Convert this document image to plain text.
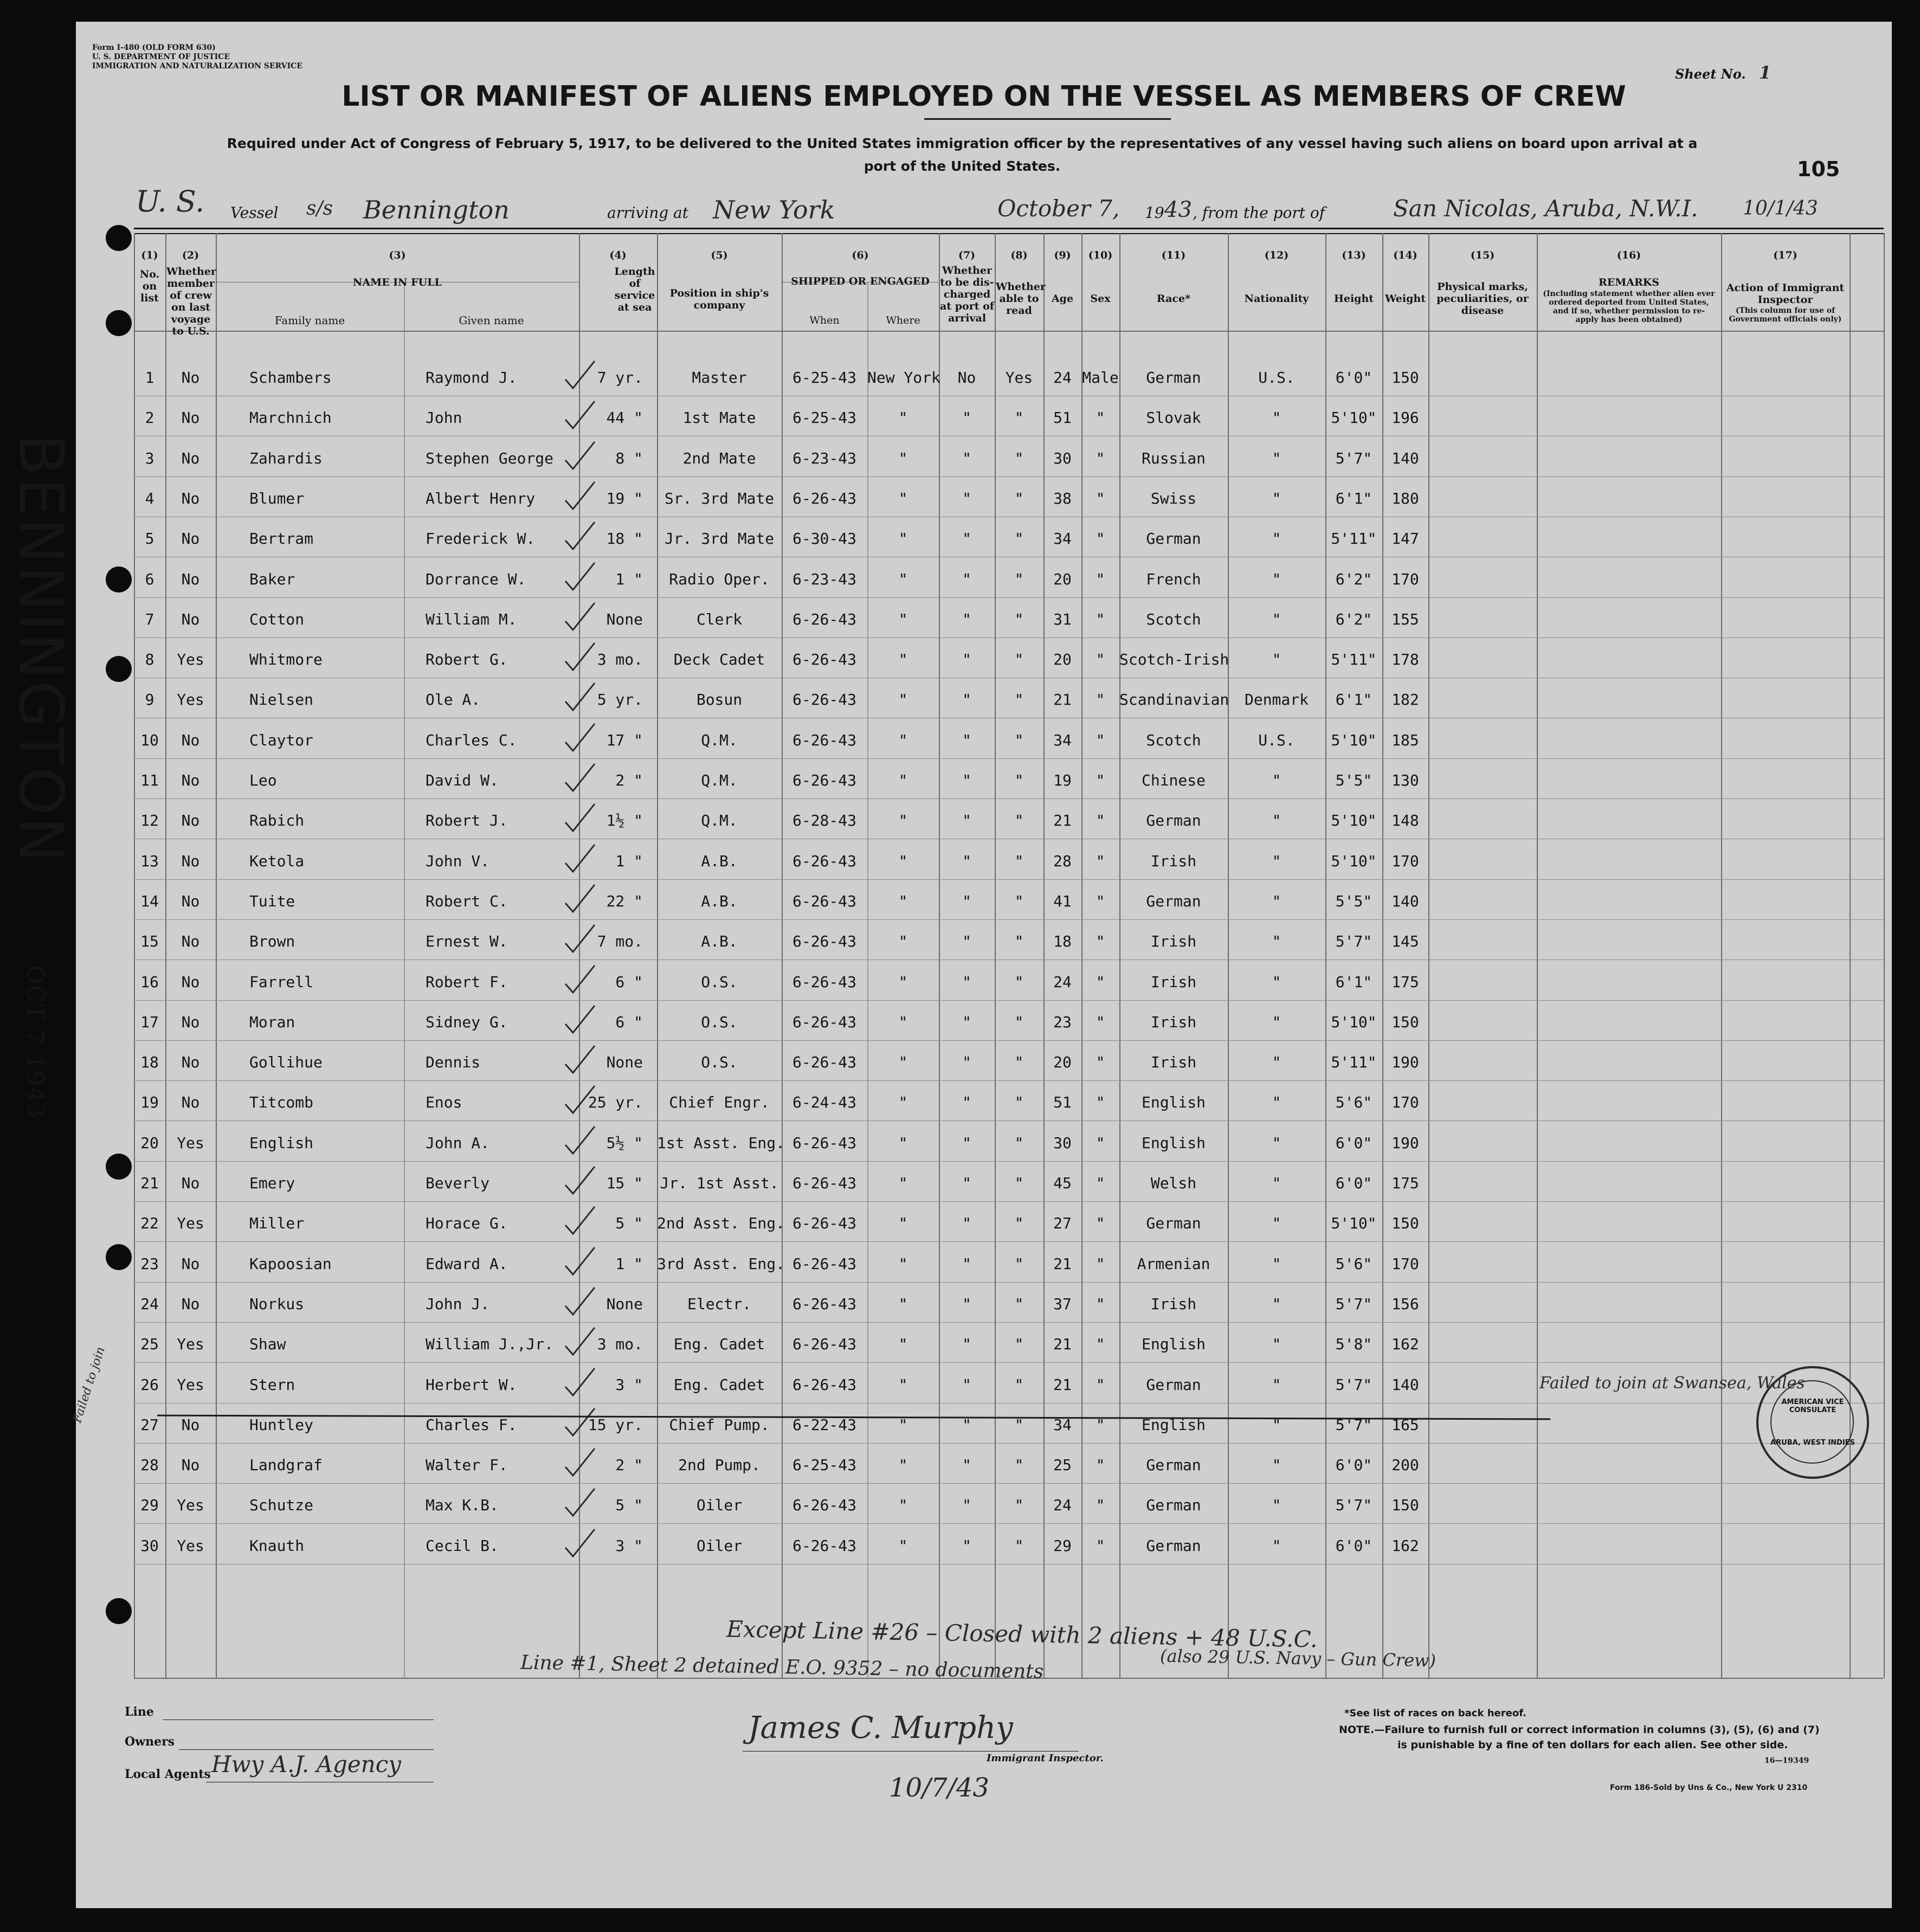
Form I-480 (OLD FORM 630)
U. S. DEPARTMENT OF JUSTICE
IMMIGRATION AND NATURALIZATION SERVICE	Sheet No. 1
LIST OR MANIFEST OF ALIENS EMPLOYED ON THE VESSEL AS MEMBERS OF CREW
Required under Act of Congress of February 5, 1917, to be delivered to the United States immigration officer by the representatives of any vessel having such aliens on board upon arrival at a
port of the United States.	105
U. S. Vessel s/s Bennington	arriving at New York	October 7, 19 43 , from the port of	San Nicolas, Aruba, N.W.I. 10/1/43
(1)	(2)	(3)	(4)	(5)	(6)	(7)	(8)	(9)	(10)	(11)	(12)	(13)	(14)	(15)	(16)	(17)
No. on list
Whether member of crew on last voyage to U.S.
NAME IN FULL
Family name	Given name
Length of service at sea
Position in ship's company
SHIPPED OR ENGAGED
When	Where
Whether to be dis-charged at port of arrival
Whether able to read
Age	Sex	Race*	Nationality	Height	Weight
Physical marks, peculiarities, or disease
REMARKS
(Including statement whether alien ever ordered deported from United States, and if so, whether permission to re-apply has been obtained)
Action of Immigrant Inspector
(This column for use of Government officials only)
1	No	Schambers	Raymond J.	7 yr.	Master	6-25-43 New York	No	Yes	24 Male	German	U.S.	6'0"	150
2	No	Marchnich	John	44 "	1st Mate	6-25-43	"	"	"	51	"	Slovak	"	5'10" 196
3	No	Zahardis	Stephen George	8 "	2nd Mate	6-23-43	"	"	"	30	"	Russian	"	5'7"	140
4	No	Blumer	Albert Henry	19 "	Sr. 3rd Mate	6-26-43	"	"	"	38	"	Swiss	"	6'1"	180
5	No	Bertram	Frederick W.	18 "	Jr. 3rd Mate	6-30-43	"	"	"	34	"	German	"	5'11" 147
6	No	Baker	Dorrance W.	1 "	Radio Oper.	6-23-43	"	"	"	20	"	French	"	6'2"	170
7	No	Cotton	William M.	None	Clerk	6-26-43	"	"	"	31	"	Scotch	"	6'2"	155
8	Yes	Whitmore	Robert G.	3 mo.	Deck Cadet	6-26-43	"	"	"	20	" Scotch-Irish	"	5'11" 178
9	Yes	Nielsen	Ole A.	5 yr.	Bosun	6-26-43	"	"	"	21	" Scandinavian	Denmark	6'1"	182
10	No	Claytor	Charles C.	17 "	Q.M.	6-26-43	"	"	"	34	"	Scotch	U.S.	5'10" 185
11	No	Leo	David W.	2 "	Q.M.	6-26-43	"	"	"	19	"	Chinese	"	5'5"	130
12	No	Rabich	Robert J.	1½ "	Q.M.	6-28-43	"	"	"	21	"	German	"	5'10" 148
13	No	Ketola	John V.	1 "	A.B.	6-26-43	"	"	"	28	"	Irish	"	5'10" 170
14	No	Tuite	Robert C.	22 "	A.B.	6-26-43	"	"	"	41	"	German	"	5'5"	140
15	No	Brown	Ernest W.	7 mo.	A.B.	6-26-43	"	"	"	18	"	Irish	"	5'7"	145
16	No	Farrell	Robert F.	6 "	O.S.	6-26-43	"	"	"	24	"	Irish	"	6'1"	175
17	No	Moran	Sidney G.	6 "	O.S.	6-26-43	"	"	"	23	"	Irish	"	5'10" 150
18	No	Gollihue	Dennis	None	O.S.	6-26-43	"	"	"	20	"	Irish	"	5'11" 190
19	No	Titcomb	Enos	25 yr.	Chief Engr.	6-24-43	"	"	"	51	"	English	"	5'6"	170
20	Yes	English	John A.	5½ " 1st Asst. Eng. 6-26-43	"	"	"	30	"	English	"	6'0"	190
21	No	Emery	Beverly	15 "	Jr. 1st Asst. 6-26-43	"	"	"	45	"	Welsh	"	6'0"	175
22	Yes	Miller	Horace G.	5 " 2nd Asst. Eng. 6-26-43	"	"	"	27	"	German	"	5'10" 150
23	No	Kapoosian	Edward A.	1 " 3rd Asst. Eng. 6-26-43	"	"	"	21	"	Armenian	"	5'6"	170
24	No	Norkus	John J.	None	Electr.	6-26-43	"	"	"	37	"	Irish	"	5'7"	156
25	Yes	Shaw	William J.,Jr.	3 mo.	Eng. Cadet	6-26-43	"	"	"	21	"	English	"	5'8"	162
26	Yes	Stern	Herbert W.	3 "	Eng. Cadet	6-26-43	"	"	"	21	"	German	"	5'7"	140	Failed to join at Swansea, Wales
27	No	Huntley	Charles F.	15 yr.	Chief Pump.	6-22-43	"	"	"	34	"	English	"	5'7"	165
28	No	Landgraf	Walter F.	2 "	2nd Pump.	6-25-43	"	"	"	25	"	German	"	6'0"	200
29	Yes	Schutze	Max K.B.	5 "	Oiler	6-26-43	"	"	"	24	"	German	"	5'7"	150
30	Yes	Knauth	Cecil B.	3 "	Oiler	6-26-43	"	"	"	29	"	German	"	6'0"	162
Failed to join
BENNINGTON
OCT 7 1943
AMERICAN VICE CONSULATE
ARUBA, WEST INDIES
Except Line #26 – Closed with 2 aliens + 48 U.S.C.
Line #1, Sheet 2 detained E.O. 9352 – no documents	(also 29 U.S. Navy – Gun Crew)
Line
Owners
Local Agents Hwy A.J. Agency
James C. Murphy
Immigrant Inspector.
10/7/43
*See list of races on back hereof.
NOTE.—Failure to furnish full or correct information in columns (3), (5), (6) and (7)
is punishable by a fine of ten dollars for each alien. See other side.
16—19349
Form 186-Sold by Uns & Co., New York U 2310
